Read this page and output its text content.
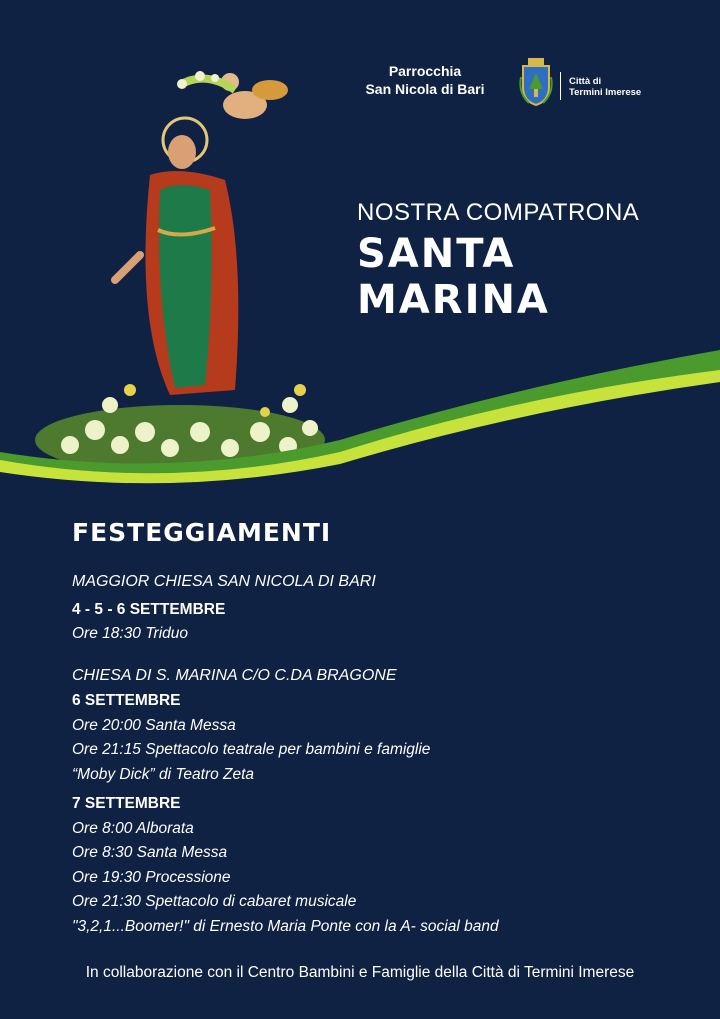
Parrocchia
San Nicola di Bari	Città di
Termini Imerese
NOSTRA COMPATRONA
SANTA MARINA
FESTEGGIAMENTI
MAGGIOR CHIESA SAN NICOLA DI BARI
4 - 5 - 6 SETTEMBRE
Ore 18:30 Triduo
CHIESA DI S. MARINA C/O C.DA BRAGONE
6 SETTEMBRE
Ore 20:00 Santa Messa
Ore 21:15 Spettacolo teatrale per bambini e famiglie
“Moby Dick” di Teatro Zeta
7 SETTEMBRE
Ore 8:00 Alborata
Ore 8:30 Santa Messa
Ore 19:30 Processione
Ore 21:30 Spettacolo di cabaret musicale
"3,2,1...Boomer!" di Ernesto Maria Ponte con la A- social band
In collaborazione con il Centro Bambini e Famiglie della Città di Termini Imerese
